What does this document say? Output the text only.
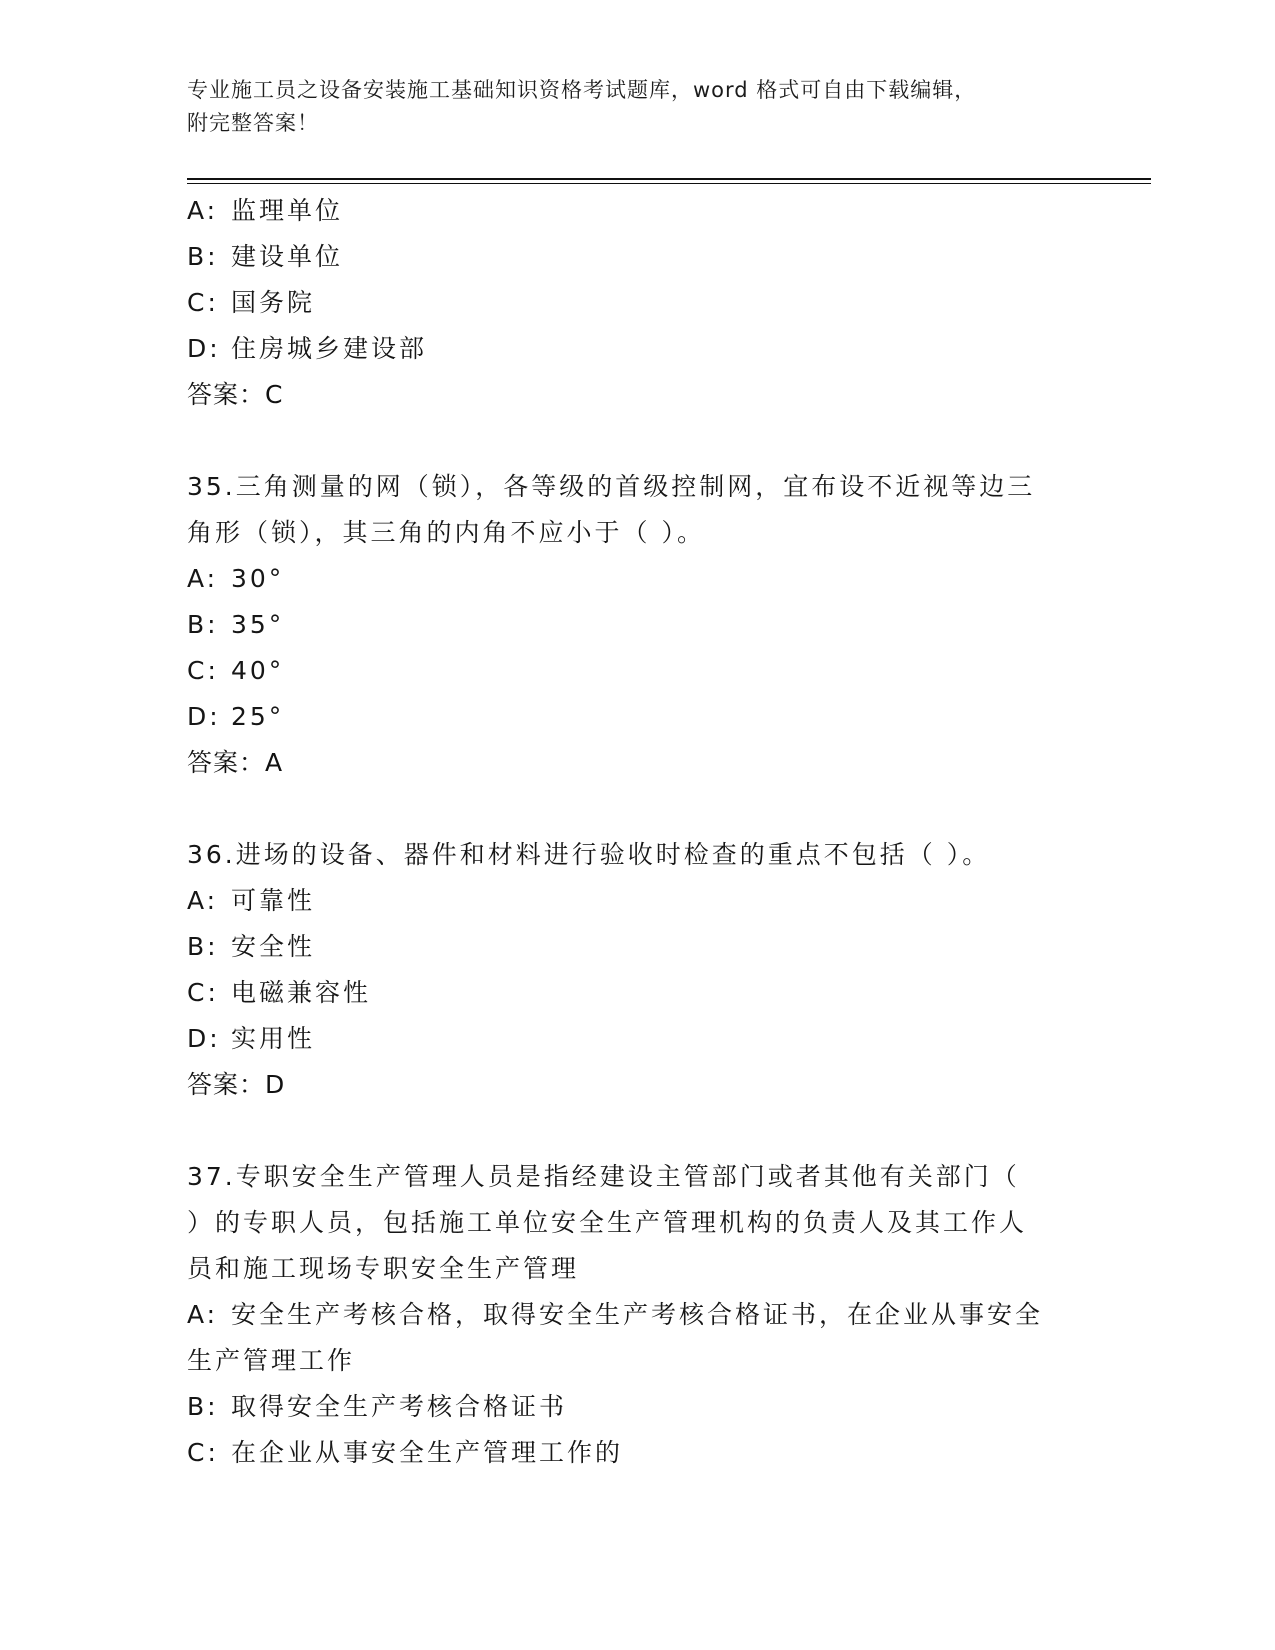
专业施工员之设备安装施工基础知识资格考试题库，word 格式可自由下载编辑，
附完整答案！
A: 监理单位
B: 建设单位
C: 国务院
D: 住房城乡建设部
答案：C
35.三角测量的网（锁），各等级的首级控制网，宜布设不近视等边三
角形（锁），其三角的内角不应小于（ ）。
A: 30°
B: 35°
C: 40°
D: 25°
答案：A
36.进场的设备、器件和材料进行验收时检查的重点不包括（ ）。
A: 可靠性
B: 安全性
C: 电磁兼容性
D: 实用性
答案：D
37.专职安全生产管理人员是指经建设主管部门或者其他有关部门（
）的专职人员，包括施工单位安全生产管理机构的负责人及其工作人
员和施工现场专职安全生产管理
A: 安全生产考核合格，取得安全生产考核合格证书，在企业从事安全
生产管理工作
B: 取得安全生产考核合格证书
C: 在企业从事安全生产管理工作的
